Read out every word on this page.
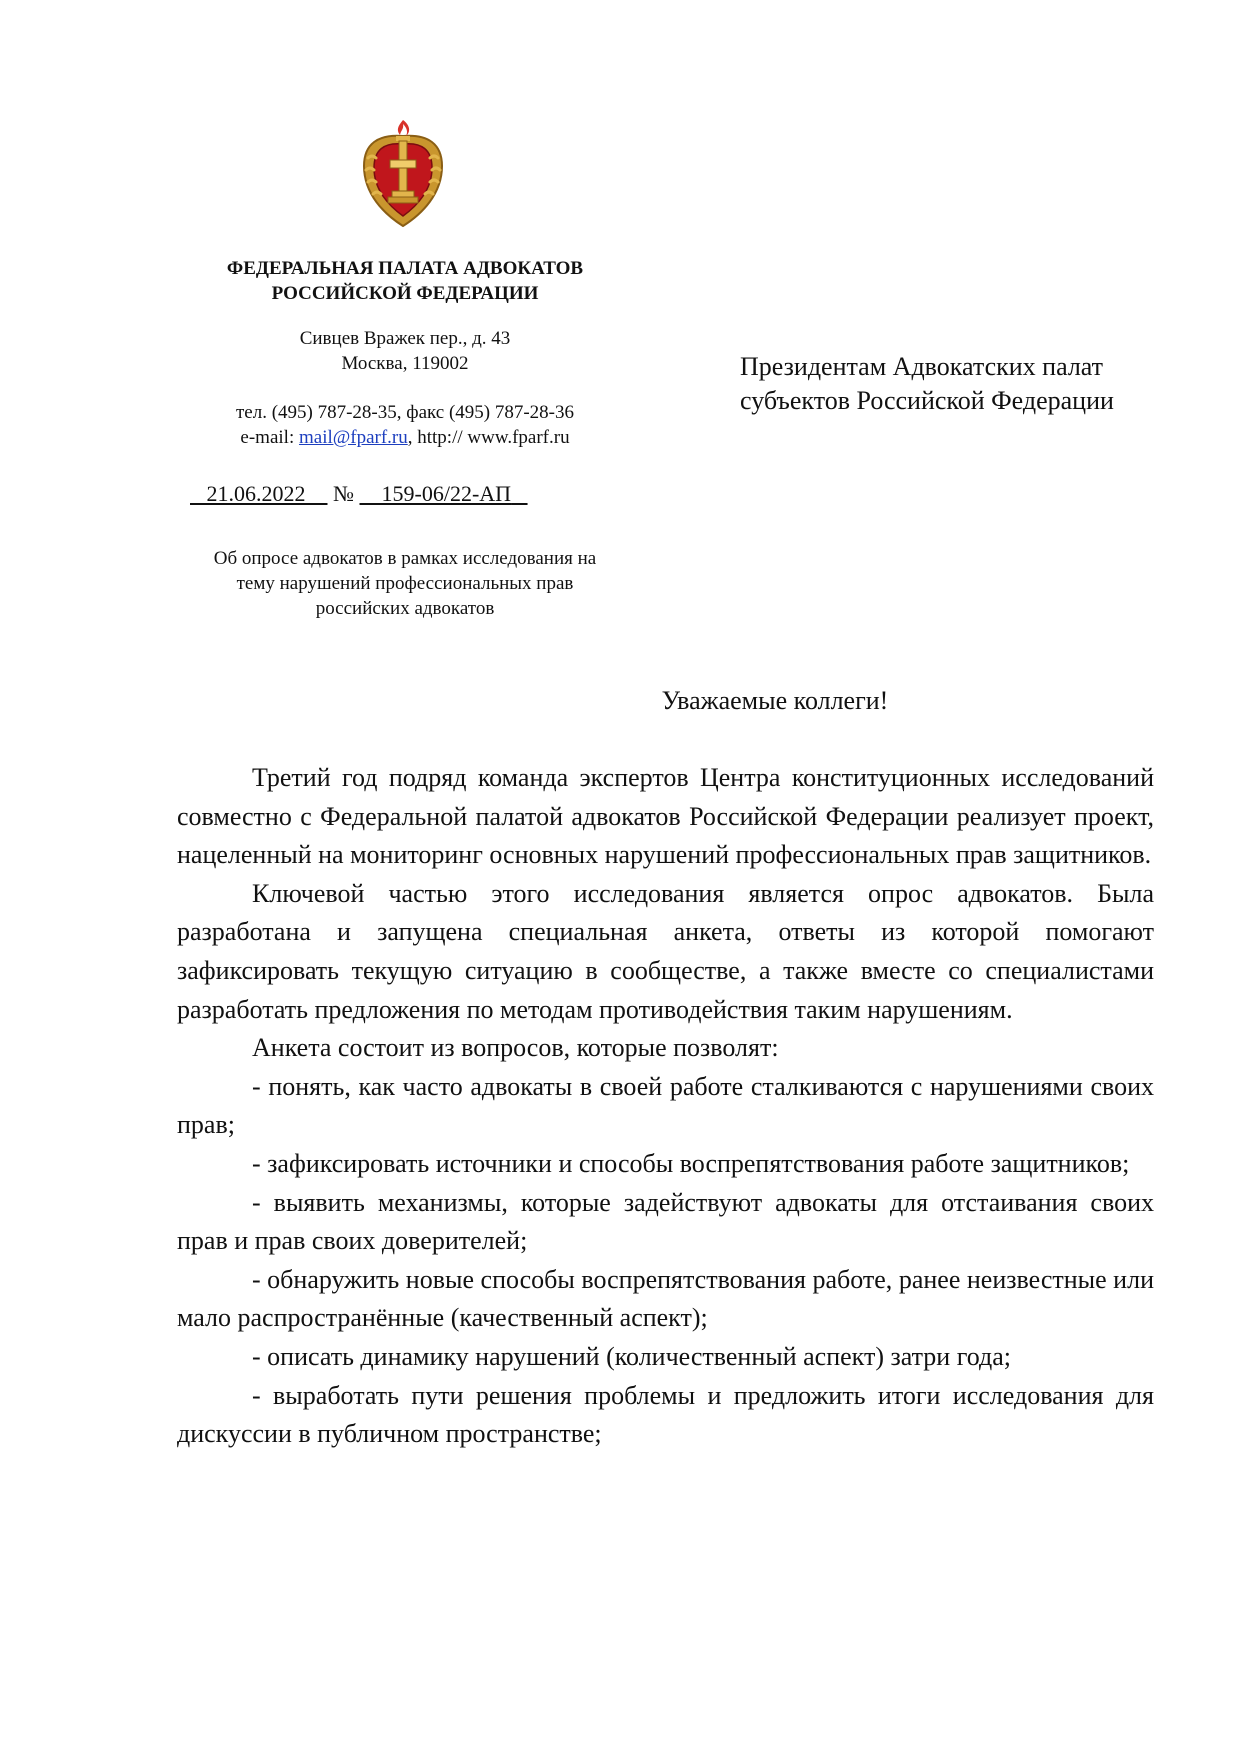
ФЕДЕРАЛЬНАЯ ПАЛАТА АДВОКАТОВ
РОССИЙСКОЙ ФЕДЕРАЦИИ
Сивцев Вражек пер., д. 43
Москва, 119002
тел. (495) 787-28-35, факс (495) 787-28-36
e-mail: mail@fparf.ru, http:// www.fparf.ru
21.06.2022 № 159-06/22-АП
Об опросе адвокатов в рамках исследования на
тему нарушений профессиональных прав
российских адвокатов
Президентам Адвокатских палат
субъектов Российской Федерации
Уважаемые коллеги!

Третий год подряд команда экспертов Центра конституционных исследований совместно с Федеральной палатой адвокатов Российской Федерации реализует проект, нацеленный на мониторинг основных нарушений профессиональных прав защитников.

Ключевой частью этого исследования является опрос адвокатов. Была разработана и запущена специальная анкета, ответы из которой помогают зафиксировать текущую ситуацию в сообществе, а также вместе со специалистами разработать предложения по методам противодействия таким нарушениям.

Анкета состоит из вопросов, которые позволят:

- понять, как часто адвокаты в своей работе сталкиваются с нарушениями своих прав;

- зафиксировать источники и способы воспрепятствования работе защитников;

- выявить механизмы, которые задействуют адвокаты для отстаивания своих прав и прав своих доверителей;

- обнаружить новые способы воспрепятствования работе, ранее неизвестные или мало распространённые (качественный аспект);

- описать динамику нарушений (количественный аспект) затри года;

- выработать пути решения проблемы и предложить итоги исследования для дискуссии в публичном пространстве;
